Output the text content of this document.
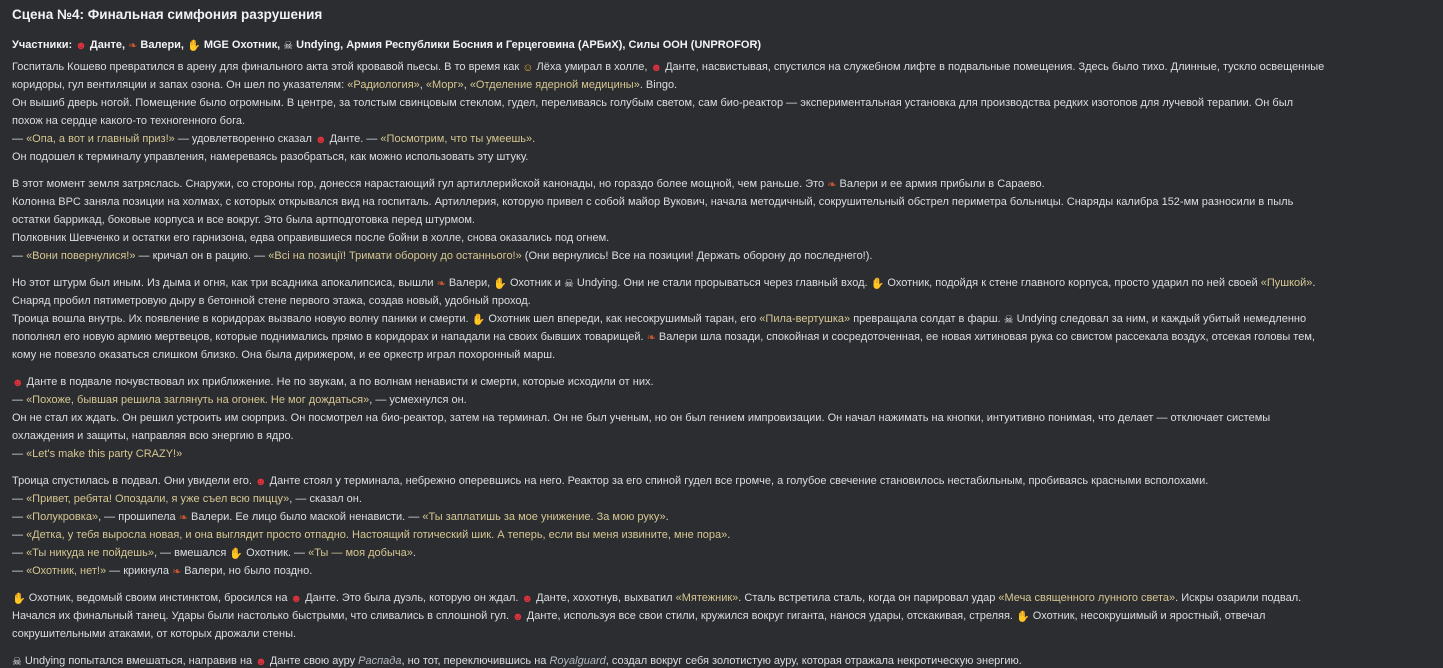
Сцена №4: Финальная симфония разрушения
Участники: ☻ Данте, ❧ Валери, ✋ MGE Охотник, ☠ Undying, Армия Республики Босния и Герцеговина (АРБиХ), Силы ООН (UNPROFOR)

Госпиталь Кошево превратился в арену для финального акта этой кровавой пьесы. В то время как ☺ Лёха умирал в холле, ☻ Данте, насвистывая, спустился на служебном лифте в подвальные помещения. Здесь было тихо. Длинные, тускло освещенные
коридоры, гул вентиляции и запах озона. Он шел по указателям: «Радиология», «Морг», «Отделение ядерной медицины». Bingo.
Он вышиб дверь ногой. Помещение было огромным. В центре, за толстым свинцовым стеклом, гудел, переливаясь голубым светом, сам био-реактор — экспериментальная установка для производства редких изотопов для лучевой терапии. Он был
похож на сердце какого-то техногенного бога.
— «Опа, а вот и главный приз!» — удовлетворенно сказал ☻ Данте. — «Посмотрим, что ты умеешь».
Он подошел к терминалу управления, намереваясь разобраться, как можно использовать эту штуку.

В этот момент земля затряслась. Снаружи, со стороны гор, донесся нарастающий гул артиллерийской канонады, но гораздо более мощной, чем раньше. Это ❧ Валери и ее армия прибыли в Сараево.
Колонна ВРС заняла позиции на холмах, с которых открывался вид на госпиталь. Артиллерия, которую привел с собой майор Вукович, начала методичный, сокрушительный обстрел периметра больницы. Снаряды калибра 152-мм разносили в пыль
остатки баррикад, боковые корпуса и все вокруг. Это была артподготовка перед штурмом.
Полковник Шевченко и остатки его гарнизона, едва оправившиеся после бойни в холле, снова оказались под огнем.
— «Вони повернулися!» — кричал он в рацию. — «Всі на позиції! Тримати оборону до останнього!» (Они вернулись! Все на позиции! Держать оборону до последнего!).

Но этот штурм был иным. Из дыма и огня, как три всадника апокалипсиса, вышли ❧ Валери, ✋ Охотник и ☠ Undying. Они не стали прорываться через главный вход. ✋ Охотник, подойдя к стене главного корпуса, просто ударил по ней своей «Пушкой».
Снаряд пробил пятиметровую дыру в бетонной стене первого этажа, создав новый, удобный проход.
Троица вошла внутрь. Их появление в коридорах вызвало новую волну паники и смерти. ✋ Охотник шел впереди, как несокрушимый таран, его «Пила-вертушка» превращала солдат в фарш. ☠ Undying следовал за ним, и каждый убитый немедленно
пополнял его новую армию мертвецов, которые поднимались прямо в коридорах и нападали на своих бывших товарищей. ❧ Валери шла позади, спокойная и сосредоточенная, ее новая хитиновая рука со свистом рассекала воздух, отсекая головы тем,
кому не повезло оказаться слишком близко. Она была дирижером, и ее оркестр играл похоронный марш.

☻ Данте в подвале почувствовал их приближение. Не по звукам, а по волнам ненависти и смерти, которые исходили от них.
— «Похоже, бывшая решила заглянуть на огонек. Не мог дождаться», — усмехнулся он.
Он не стал их ждать. Он решил устроить им сюрприз. Он посмотрел на био-реактор, затем на терминал. Он не был ученым, но он был гением импровизации. Он начал нажимать на кнопки, интуитивно понимая, что делает — отключает системы
охлаждения и защиты, направляя всю энергию в ядро.
— «Let's make this party CRAZY!»

Троица спустилась в подвал. Они увидели его. ☻ Данте стоял у терминала, небрежно оперевшись на него. Реактор за его спиной гудел все громче, а голубое свечение становилось нестабильным, пробиваясь красными всполохами.
— «Привет, ребята! Опоздали, я уже съел всю пиццу», — сказал он.
— «Полукровка», — прошипела ❧ Валери. Ее лицо было маской ненависти. — «Ты заплатишь за мое унижение. За мою руку».
— «Детка, у тебя выросла новая, и она выглядит просто отпадно. Настоящий готический шик. А теперь, если вы меня извините, мне пора».
— «Ты никуда не пойдешь», — вмешался ✋ Охотник. — «Ты — моя добыча».
— «Охотник, нет!» — крикнула ❧ Валери, но было поздно.

✋ Охотник, ведомый своим инстинктом, бросился на ☻ Данте. Это была дуэль, которую он ждал. ☻ Данте, хохотнув, выхватил «Мятежник». Сталь встретила сталь, когда он парировал удар «Меча священного лунного света». Искры озарили подвал.
Начался их финальный танец. Удары были настолько быстрыми, что сливались в сплошной гул. ☻ Данте, используя все свои стили, кружился вокруг гиганта, нанося удары, отскакивая, стреляя. ✋ Охотник, несокрушимый и яростный, отвечал
сокрушительными атаками, от которых дрожали стены.

☠ Undying попытался вмешаться, направив на ☻ Данте свою ауру Распада, но тот, переключившись на Royalguard, создал вокруг себя золотистую ауру, которая отражала некротическую энергию.
